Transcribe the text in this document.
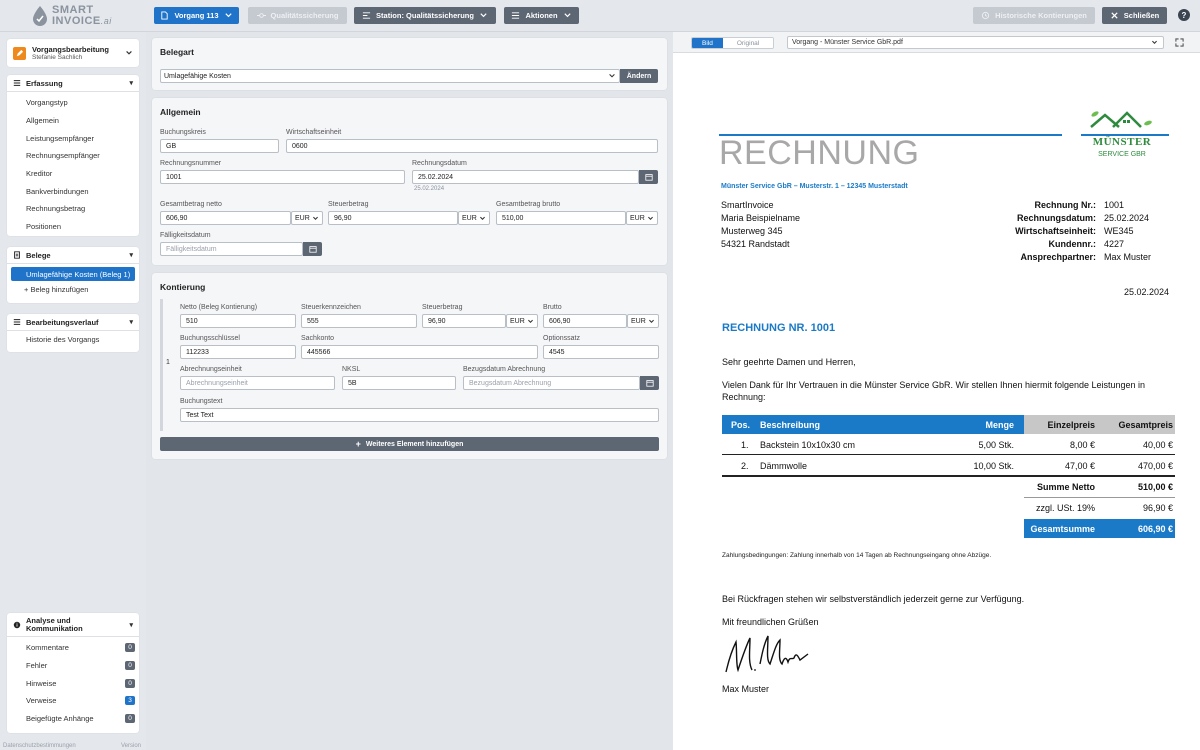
SMART
INVOICE.ai
Vorgang 113	Qualitätssicherung	Station: Qualitätssicherung	Aktionen	Historische Kontierungen	Schließen	?
Vorgangsbearbeitung
Stefanie Sachlich
Erfassung	▾
Vorgangstyp
Allgemein
Leistungsempfänger
Rechnungsempfänger
Kreditor
Bankverbindungen
Rechnungsbetrag
Positionen
Belege	▾
Umlagefähige Kosten (Beleg 1)
+ Beleg hinzufügen
Bearbeitungsverlauf	▾
Historie des Vorgangs
Analyse und
Kommunikation	▾
Kommentare	0
Fehler	0
Hinweise	0
Verweise	3
Beigefügte Anhänge	0
Datenschutzbestimmungen	Version
Belegart
Umlagefähige Kosten	Ändern
Allgemein
Buchungskreis
GB
Wirtschaftseinheit
0600
Rechnungsnummer
1001
Rechnungsdatum
25.02.2024
25.02.2024
Gesamtbetrag netto
606,90	EUR
Steuerbetrag
96,90	EUR
Gesamtbetrag brutto
510,00	EUR
Fälligkeitsdatum
Fälligkeitsdatum
Kontierung
1
Netto (Beleg Kontierung)
510
Steuerkennzeichen
555
Steuerbetrag
96,90	EUR
Brutto
606,90	EUR
Buchungsschlüssel
112233
Sachkonto
445566
Optionssatz
4545
Abrechnungseinheit
Abrechnungseinheit
NKSL
5B
Bezugsdatum Abrechnung
Bezugsdatum Abrechnung
Buchungstext
Test Text
+ Weiteres Element hinzufügen
Bild	Original	Vorgang - Münster Service GbR.pdf
RECHNUNG	MÜNSTER
SERVICE GBR
Münster Service GbR – Musterstr. 1 – 12345 Musterstadt
SmartInvoice
Maria Beispielname
Musterweg 345
54321 Randstadt
Rechnung Nr.: 1001
Rechnungsdatum: 25.02.2024
Wirtschaftseinheit: WE345
Kundennr.: 4227
Ansprechpartner: Max Muster
25.02.2024
RECHNUNG NR. 1001
Sehr geehrte Damen und Herren,
Vielen Dank für Ihr Vertrauen in die Münster Service GbR. Wir stellen Ihnen hiermit folgende Leistungen in
Rechnung:
Pos. Beschreibung	Menge	Einzelpreis	Gesamtpreis
1. Backstein 10x10x30 cm	5,00 Stk.	8,00 €	40,00 €
2. Dämmwolle	10,00 Stk.	47,00 €	470,00 €
Summe Netto	510,00 €
zzgl. USt. 19%	96,90 €
Gesamtsumme	606,90 €
Zahlungsbedingungen: Zahlung innerhalb von 14 Tagen ab Rechnungseingang ohne Abzüge.
Bei Rückfragen stehen wir selbstverständlich jederzeit gerne zur Verfügung.
Mit freundlichen Grüßen
Max Muster
